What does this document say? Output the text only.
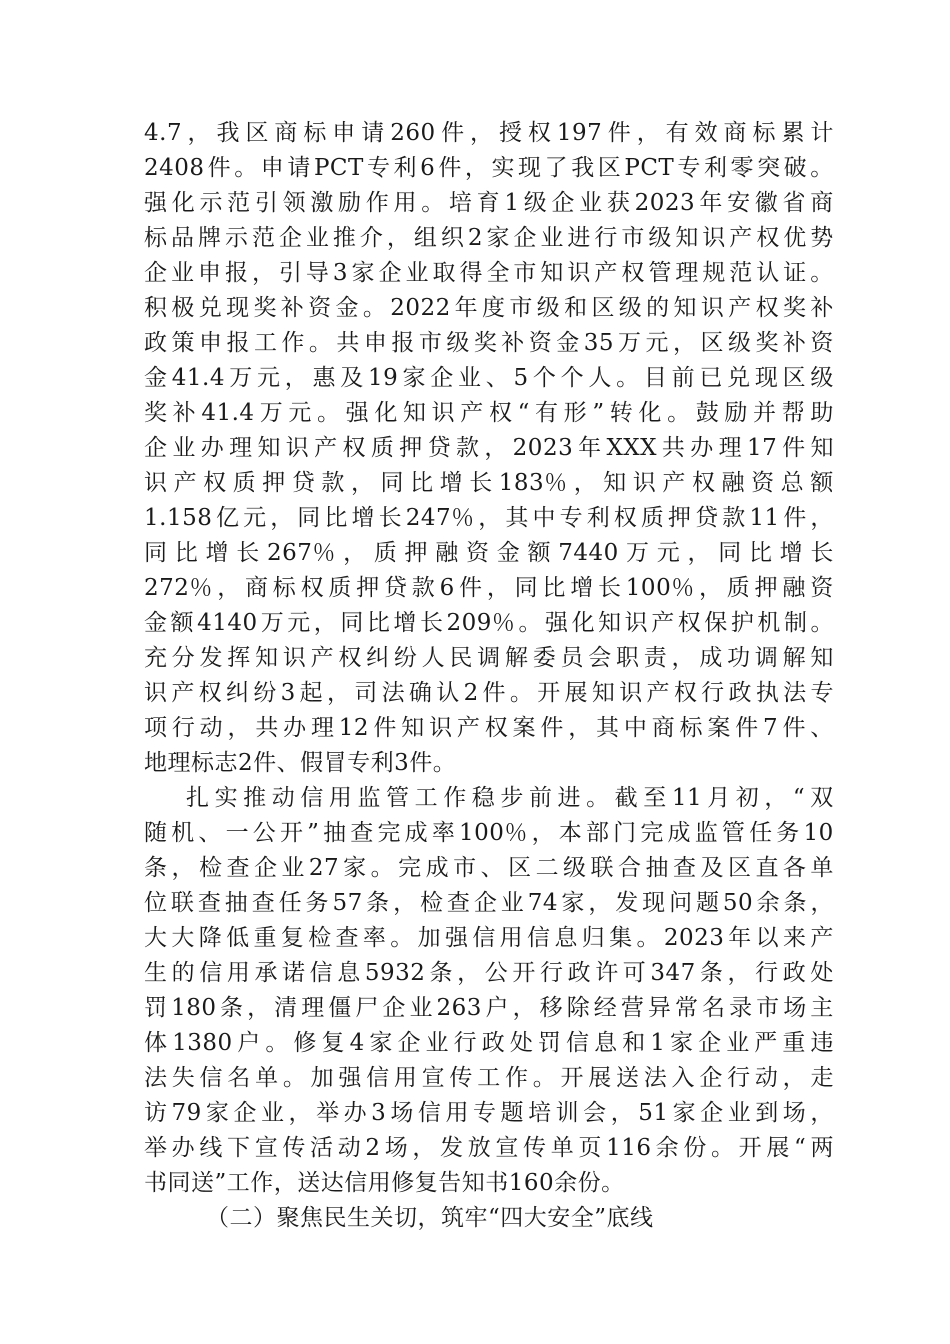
4.7 ， 我 区 商 标 申 请 260 件 ， 授 权 197 件 ， 有 效 商 标 累 计
2408 件 。 申 请 PCT 专 利 6 件 ， 实 现 了 我 区 PCT 专 利 零 突 破 。
强 化 示 范 引 领 激 励 作 用 。 培 育 1 级 企 业 获 2023 年 安 徽 省 商
标 品 牌 示 范 企 业 推 介 ， 组 织 2 家 企 业 进 行 市 级 知 识 产 权 优 势
企 业 申 报 ， 引 导 3 家 企 业 取 得 全 市 知 识 产 权 管 理 规 范 认 证 。
积 极 兑 现 奖 补 资 金 。 2022 年 度 市 级 和 区 级 的 知 识 产 权 奖 补
政 策 申 报 工 作 。 共 申 报 市 级 奖 补 资 金 35 万 元 ， 区 级 奖 补 资
金 41.4 万 元 ， 惠 及 19 家 企 业 、 5 个 个 人 。 目 前 已 兑 现 区 级
奖 补 41.4 万 元 。 强 化 知 识 产 权 “ 有 形 ” 转 化 。 鼓 励 并 帮 助
企 业 办 理 知 识 产 权 质 押 贷 款 ， 2023 年 XXX 共 办 理 17 件 知
识 产 权 质 押 贷 款 ， 同 比 增 长 183％ ， 知 识 产 权 融 资 总 额
1.158 亿 元 ， 同 比 增 长 247％ ， 其 中 专 利 权 质 押 贷 款 11 件 ，
同 比 增 长 267％ ， 质 押 融 资 金 额 7440 万 元 ， 同 比 增 长
272％ ， 商 标 权 质 押 贷 款 6 件 ， 同 比 增 长 100％ ， 质 押 融 资
金 额 4140 万 元 ， 同 比 增 长 209％ 。 强 化 知 识 产 权 保 护 机 制 。
充 分 发 挥 知 识 产 权 纠 纷 人 民 调 解 委 员 会 职 责 ， 成 功 调 解 知
识 产 权 纠 纷 3 起 ， 司 法 确 认 2 件 。 开 展 知 识 产 权 行 政 执 法 专
项 行 动 ， 共 办 理 12 件 知 识 产 权 案 件 ， 其 中 商 标 案 件 7 件 、
地理标志2件、假冒专利3件。
扎 实 推 动 信 用 监 管 工 作 稳 步 前 进 。 截 至 11 月 初 ， “ 双
随 机 、 一 公 开 ” 抽 查 完 成 率 100％ ， 本 部 门 完 成 监 管 任 务 10
条 ， 检 查 企 业 27 家 。 完 成 市 、 区 二 级 联 合 抽 查 及 区 直 各 单
位 联 查 抽 查 任 务 57 条 ， 检 查 企 业 74 家 ， 发 现 问 题 50 余 条 ，
大 大 降 低 重 复 检 查 率 。 加 强 信 用 信 息 归 集 。 2023 年 以 来 产
生 的 信 用 承 诺 信 息 5932 条 ， 公 开 行 政 许 可 347 条 ， 行 政 处
罚 180 条 ， 清 理 僵 尸 企 业 263 户 ， 移 除 经 营 异 常 名 录 市 场 主
体 1380 户 。 修 复 4 家 企 业 行 政 处 罚 信 息 和 1 家 企 业 严 重 违
法 失 信 名 单 。 加 强 信 用 宣 传 工 作 。 开 展 送 法 入 企 行 动 ， 走
访 79 家 企 业 ， 举 办 3 场 信 用 专 题 培 训 会 ， 51 家 企 业 到 场 ，
举 办 线 下 宣 传 活 动 2 场 ， 发 放 宣 传 单 页 116 余 份 。 开 展 “ 两
书同送”工作，送达信用修复告知书160余份。
（二）聚焦民生关切，筑牢“四大安全”底线
